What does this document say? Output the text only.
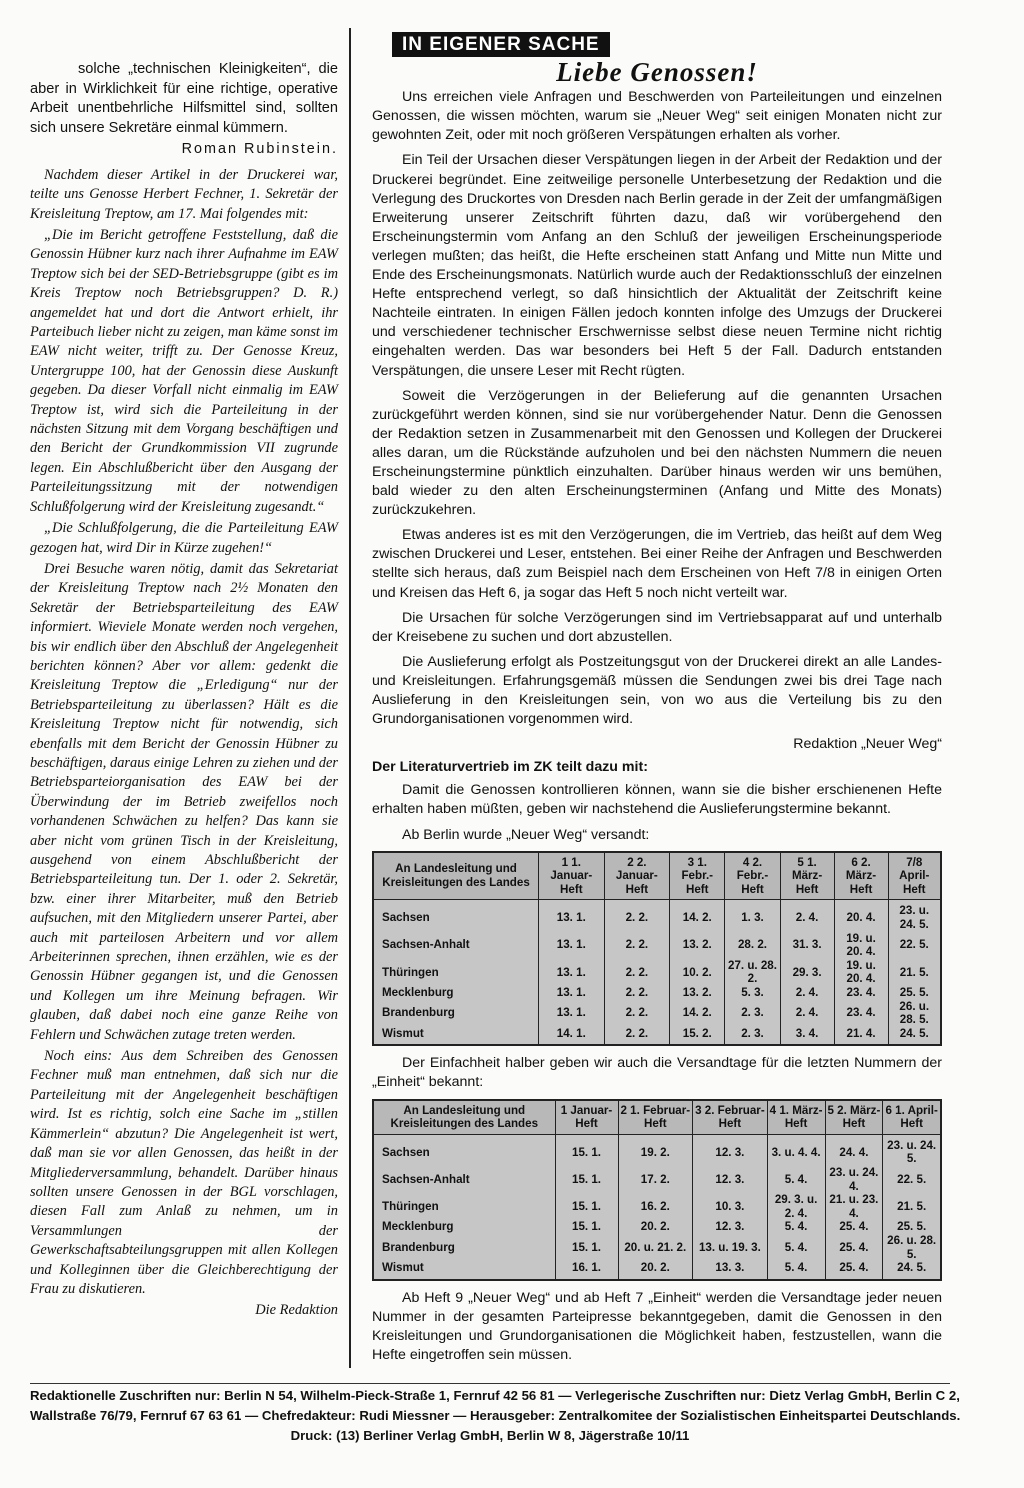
solche „technischen Kleinigkeiten“, die aber in Wirklichkeit für eine richtige, operative Arbeit unentbehrliche Hilfsmittel sind, sollten sich unsere Sekretäre einmal kümmern.

Roman Rubinstein.

Nachdem dieser Artikel in der Druckerei war, teilte uns Genosse Herbert Fechner, 1. Sekretär der Kreisleitung Treptow, am 17. Mai folgendes mit:

„Die im Bericht getroffene Feststellung, daß die Genossin Hübner kurz nach ihrer Aufnahme im EAW Treptow sich bei der SED-Betriebsgruppe (gibt es im Kreis Treptow noch Betriebsgruppen? D. R.) angemeldet hat und dort die Antwort erhielt, ihr Parteibuch lieber nicht zu zeigen, man käme sonst im EAW nicht weiter, trifft zu. Der Genosse Kreuz, Untergruppe 100, hat der Genossin diese Auskunft gegeben. Da dieser Vorfall nicht einmalig im EAW Treptow ist, wird sich die Parteileitung in der nächsten Sitzung mit dem Vorgang beschäftigen und den Bericht der Grundkommission VII zugrunde legen. Ein Abschlußbericht über den Ausgang der Parteileitungssitzung mit der notwendigen Schlußfolgerung wird der Kreisleitung zugesandt.“

„Die Schlußfolgerung, die die Parteileitung EAW gezogen hat, wird Dir in Kürze zugehen!“

Drei Besuche waren nötig, damit das Sekretariat der Kreisleitung Treptow nach 2½ Monaten den Sekretär der Betriebsparteileitung des EAW informiert. Wieviele Monate werden noch vergehen, bis wir endlich über den Abschluß der Angelegenheit berichten können? Aber vor allem: gedenkt die Kreisleitung Treptow die „Erledigung“ nur der Betriebsparteileitung zu überlassen? Hält es die Kreisleitung Treptow nicht für notwendig, sich ebenfalls mit dem Bericht der Genossin Hübner zu beschäftigen, daraus einige Lehren zu ziehen und der Betriebsparteiorganisation des EAW bei der Überwindung der im Betrieb zweifellos noch vorhandenen Schwächen zu helfen? Das kann sie aber nicht vom grünen Tisch in der Kreisleitung, ausgehend von einem Abschlußbericht der Betriebsparteileitung tun. Der 1. oder 2. Sekretär, bzw. einer ihrer Mitarbeiter, muß den Betrieb aufsuchen, mit den Mitgliedern unserer Partei, aber auch mit parteilosen Arbeitern und vor allem Arbeiterinnen sprechen, ihnen erzählen, wie es der Genossin Hübner gegangen ist, und die Genossen und Kollegen um ihre Meinung befragen. Wir glauben, daß dabei noch eine ganze Reihe von Fehlern und Schwächen zutage treten werden.

Noch eins: Aus dem Schreiben des Genossen Fechner muß man entnehmen, daß sich nur die Parteileitung mit der Angelegenheit beschäftigen wird. Ist es richtig, solch eine Sache im „stillen Kämmerlein“ abzutun? Die Angelegenheit ist wert, daß man sie vor allen Genossen, das heißt in der Mitgliederversammlung, behandelt. Darüber hinaus sollten unsere Genossen in der BGL vorschlagen, diesen Fall zum Anlaß zu nehmen, um in Versammlungen der Gewerkschaftsabteilungsgruppen mit allen Kollegen und Kolleginnen über die Gleichberechtigung der Frau zu diskutieren.

Die Redaktion

IN EIGENER SACHE
Liebe Genossen!

Uns erreichen viele Anfragen und Beschwerden von Parteileitungen und einzelnen Genossen, die wissen möchten, warum sie „Neuer Weg“ seit einigen Monaten nicht zur gewohnten Zeit, oder mit noch größeren Verspätungen erhalten als vorher.

Ein Teil der Ursachen dieser Verspätungen liegen in der Arbeit der Redaktion und der Druckerei begründet. Eine zeitweilige personelle Unterbesetzung der Redaktion und die Verlegung des Druckortes von Dresden nach Berlin gerade in der Zeit der umfangmäßigen Erweiterung unserer Zeitschrift führten dazu, daß wir vorübergehend den Erscheinungstermin vom Anfang an den Schluß der jeweiligen Erscheinungsperiode verlegen mußten; das heißt, die Hefte erscheinen statt Anfang und Mitte nun Mitte und Ende des Erscheinungsmonats. Natürlich wurde auch der Redaktionsschluß der einzelnen Hefte entsprechend verlegt, so daß hinsichtlich der Aktualität der Zeitschrift keine Nachteile eintraten. In einigen Fällen jedoch konnten infolge des Umzugs der Druckerei und verschiedener technischer Erschwernisse selbst diese neuen Termine nicht richtig eingehalten werden. Das war besonders bei Heft 5 der Fall. Dadurch entstanden Verspätungen, die unsere Leser mit Recht rügten.

Soweit die Verzögerungen in der Belieferung auf die genannten Ursachen zurückgeführt werden können, sind sie nur vorübergehender Natur. Denn die Genossen der Redaktion setzen in Zusammenarbeit mit den Genossen und Kollegen der Druckerei alles daran, um die Rückstände aufzuholen und bei den nächsten Nummern die neuen Erscheinungstermine pünktlich einzuhalten. Darüber hinaus werden wir uns bemühen, bald wieder zu den alten Erscheinungsterminen (Anfang und Mitte des Monats) zurückzukehren.

Etwas anderes ist es mit den Verzögerungen, die im Vertrieb, das heißt auf dem Weg zwischen Druckerei und Leser, entstehen. Bei einer Reihe der Anfragen und Beschwerden stellte sich heraus, daß zum Beispiel nach dem Erscheinen von Heft 7/8 in einigen Orten und Kreisen das Heft 6, ja sogar das Heft 5 noch nicht verteilt war.

Die Ursachen für solche Verzögerungen sind im Vertriebsapparat auf und unterhalb der Kreisebene zu suchen und dort abzustellen.

Die Auslieferung erfolgt als Postzeitungsgut von der Druckerei direkt an alle Landes- und Kreisleitungen. Erfahrungsgemäß müssen die Sendungen zwei bis drei Tage nach Auslieferung in den Kreisleitungen sein, von wo aus die Verteilung bis zu den Grundorganisationen vorgenommen wird.

Redaktion „Neuer Weg“

Der Literaturvertrieb im ZK teilt dazu mit:

Damit die Genossen kontrollieren können, wann sie die bisher erschienenen Hefte erhalten haben müßten, geben wir nachstehend die Auslieferungstermine bekannt.

Ab Berlin wurde „Neuer Weg“ versandt:

An Landesleitung und Kreisleitungen des Landes	1 1. Januar-Heft	2 2. Januar-Heft	3 1. Febr.-Heft	4 2. Febr.-Heft	5 1. März-Heft	6 2. März-Heft	7/8 April-Heft
Sachsen	13. 1.	2. 2.	14. 2.	1. 3.	2. 4.	20. 4.	23. u. 24. 5.
Sachsen-Anhalt	13. 1.	2. 2.	13. 2.	28. 2.	31. 3.	19. u. 20. 4.	22. 5.
Thüringen	13. 1.	2. 2.	10. 2.	27. u. 28. 2.	29. 3.	19. u. 20. 4.	21. 5.
Mecklenburg	13. 1.	2. 2.	13. 2.	5. 3.	2. 4.	23. 4.	25. 5.
Brandenburg	13. 1.	2. 2.	14. 2.	2. 3.	2. 4.	23. 4.	26. u. 28. 5.
Wismut	14. 1.	2. 2.	15. 2.	2. 3.	3. 4.	21. 4.	24. 5.

Der Einfachheit halber geben wir auch die Versandtage für die letzten Nummern der „Einheit“ bekannt:

An Landesleitung und Kreisleitungen des Landes	1 Januar-Heft	2 1. Februar-Heft	3 2. Februar-Heft	4 1. März-Heft	5 2. März-Heft	6 1. April-Heft
Sachsen	15. 1.	19. 2.	12. 3.	3. u. 4. 4.	24. 4.	23. u. 24. 5.
Sachsen-Anhalt	15. 1.	17. 2.	12. 3.	5. 4.	23. u. 24. 4.	22. 5.
Thüringen	15. 1.	16. 2.	10. 3.	29. 3. u. 2. 4.	21. u. 23. 4.	21. 5.
Mecklenburg	15. 1.	20. 2.	12. 3.	5. 4.	25. 4.	25. 5.
Brandenburg	15. 1.	20. u. 21. 2.	13. u. 19. 3.	5. 4.	25. 4.	26. u. 28. 5.
Wismut	16. 1.	20. 2.	13. 3.	5. 4.	25. 4.	24. 5.

Ab Heft 9 „Neuer Weg“ und ab Heft 7 „Einheit“ werden die Versandtage jeder neuen Nummer in der gesamten Parteipresse bekanntgegeben, damit die Genossen in den Kreisleitungen und Grundorganisationen die Möglichkeit haben, festzustellen, wann die Hefte eingetroffen sein müssen.

Redaktionelle Zuschriften nur: Berlin N 54, Wilhelm-Pieck-Straße 1, Fernruf 42 56 81 — Verlegerische Zuschriften nur: Dietz Verlag GmbH, Berlin C 2,
Wallstraße 76/79, Fernruf 67 63 61 — Chefredakteur: Rudi Miessner — Herausgeber: Zentralkomitee der Sozialistischen Einheitspartei Deutschlands.
Druck: (13) Berliner Verlag GmbH, Berlin W 8, Jägerstraße 10/11
